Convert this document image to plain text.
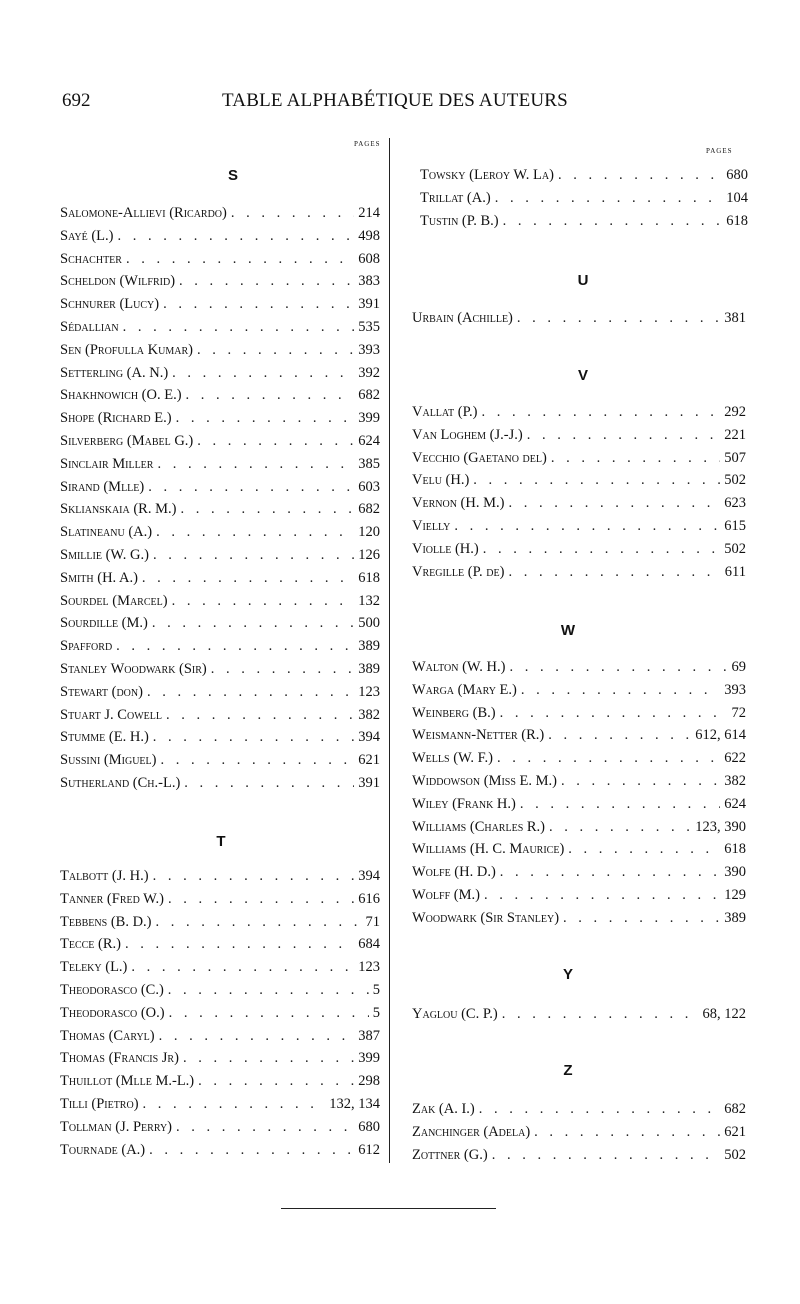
692	TABLE ALPHABÉTIQUE DES AUTEURS
pages
S
Salomone-Allievi (Ricardo) . . .	214
Sayé (L.) . . .	498
Schachter . . .	608
Scheldon (Wilfrid) . . .	383
Schnurer (Lucy) . . .	391
Sédallian . . .	535
Sen (Profulla Kumar) . . .	393
Setterling (A. N.) . . .	392
Shakhnowich (O. E.) . . .	682
Shope (Richard E.) . . .	399
Silverberg (Mabel G.) . . .	624
Sinclair Miller . . .	385
Sirand (Mlle) . . .	603
Sklianskaia (R. M.) . . .	682
Slatineanu (A.) . . .	120
Smillie (W. G.) . . .	126
Smith (H. A.) . . .	618
Sourdel (Marcel) . . .	132
Sourdille (M.) . . .	500
Spafford . . .	389
Stanley Woodwark (Sir) . . .	389
Stewart (don) . . .	123
Stuart J. Cowell . . .	382
Stumme (E. H.) . . .	394
Sussini (Miguel) . . .	621
Sutherland (Ch.-L.) . . .	391
T
Talbott (J. H.) . . .	394
Tanner (Fred W.) . . .	616
Tebbens (B. D.) . . .	71
Tecce (R.) . . .	684
Teleky (L.) . . .	123
Theodorasco (C.) . . .	5
Theodorasco (O.) . . .	5
Thomas (Caryl) . . .	387
Thomas (Francis Jr) . . .	399
Thuillot (Mlle M.-L.) . . .	298
Tilli (Pietro) . . .	132, 134
Tollman (J. Perry) . . .	680
Tournade (A.) . . .	612
pages
Towsky (Leroy W. La) . . .	680
Trillat (A.) . . .	104
Tustin (P. B.) . . .	618
U
Urbain (Achille) . . .	381
V
Vallat (P.) . . .	292
Van Loghem (J.-J.) . . .	221
Vecchio (Gaetano del) . . .	507
Velu (H.) . . .	502
Vernon (H. M.) . . .	623
Vielly . . .	615
Violle (H.) . . .	502
Vregille (P. de) . . .	611
W
Walton (W. H.) . . .	69
Warga (Mary E.) . . .	393
Weinberg (B.) . . .	72
Weismann-Netter (R.) . . .	612, 614
Wells (W. F.) . . .	622
Widdowson (Miss E. M.) . . .	382
Wiley (Frank H.) . . .	624
Williams (Charles R.) . . .	123, 390
Williams (H. C. Maurice) . . .	618
Wolfe (H. D.) . . .	390
Wolff (M.) . . .	129
Woodwark (Sir Stanley) . . .	389
Y
Yaglou (C. P.) . . .	68, 122
Z
Zak (A. I.) . . .	682
Zanchinger (Adela) . . .	621
Zottner (G.) . . .	502
